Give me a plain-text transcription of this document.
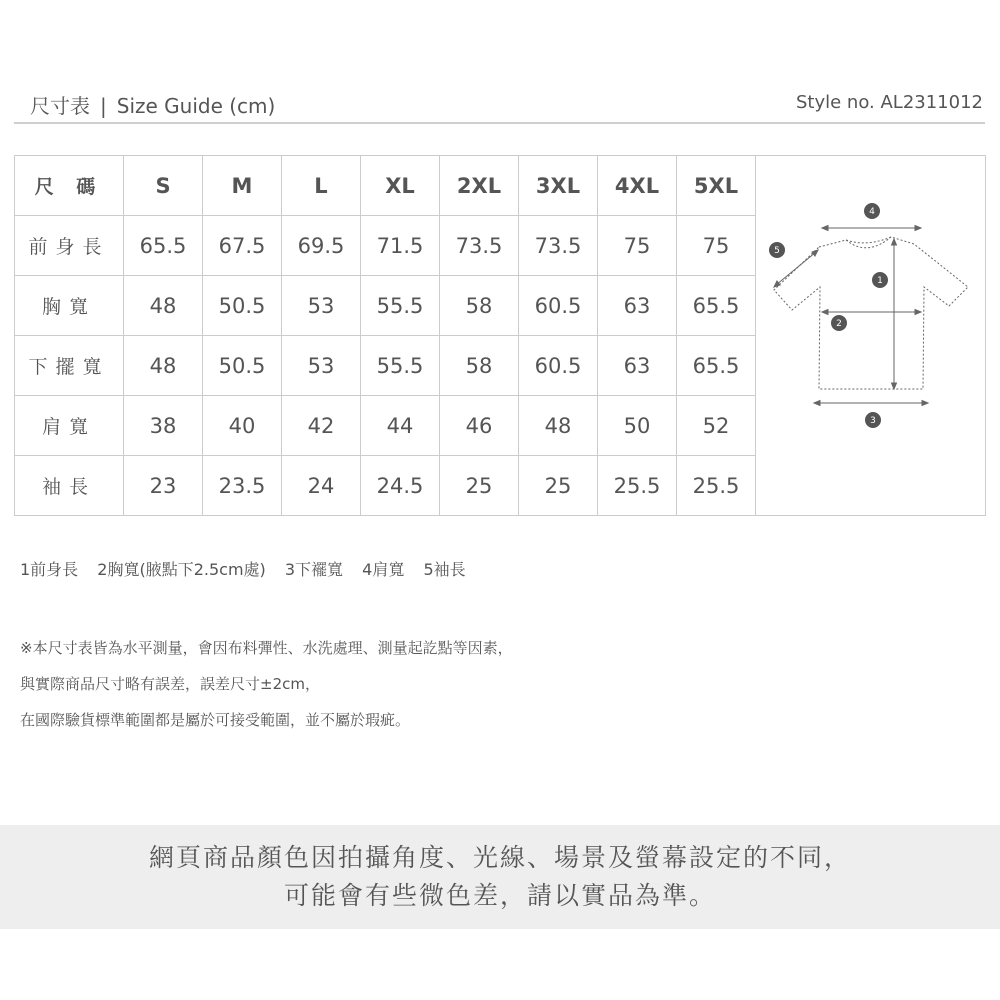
尺寸表 | Size Guide (cm)	Style no. AL2311012
尺 碼	S	M	L	XL	2XL	3XL	4XL	5XL	1
2
3
4
5

前身長	65.5	67.5	69.5	71.5	73.5	73.5	75	75	
胸寬	48	50.5	53	55.5	58	60.5	63	65.5	
下擺寬	48	50.5	53	55.5	58	60.5	63	65.5	
肩寬	38	40	42	44	46	48	50	52	
袖長	23	23.5	24	24.5	25	25	25.5	25.5	
1前身長 2胸寬(腋點下2.5cm處) 3下襬寬 4肩寬 5袖長
※本尺寸表皆為水平測量，會因布料彈性、水洗處理、測量起訖點等因素，
與實際商品尺寸略有誤差，誤差尺寸±2cm，
在國際驗貨標準範圍都是屬於可接受範圍，並不屬於瑕疵。
網頁商品顏色因拍攝角度、光線、場景及螢幕設定的不同，
可能會有些微色差，請以實品為準。
